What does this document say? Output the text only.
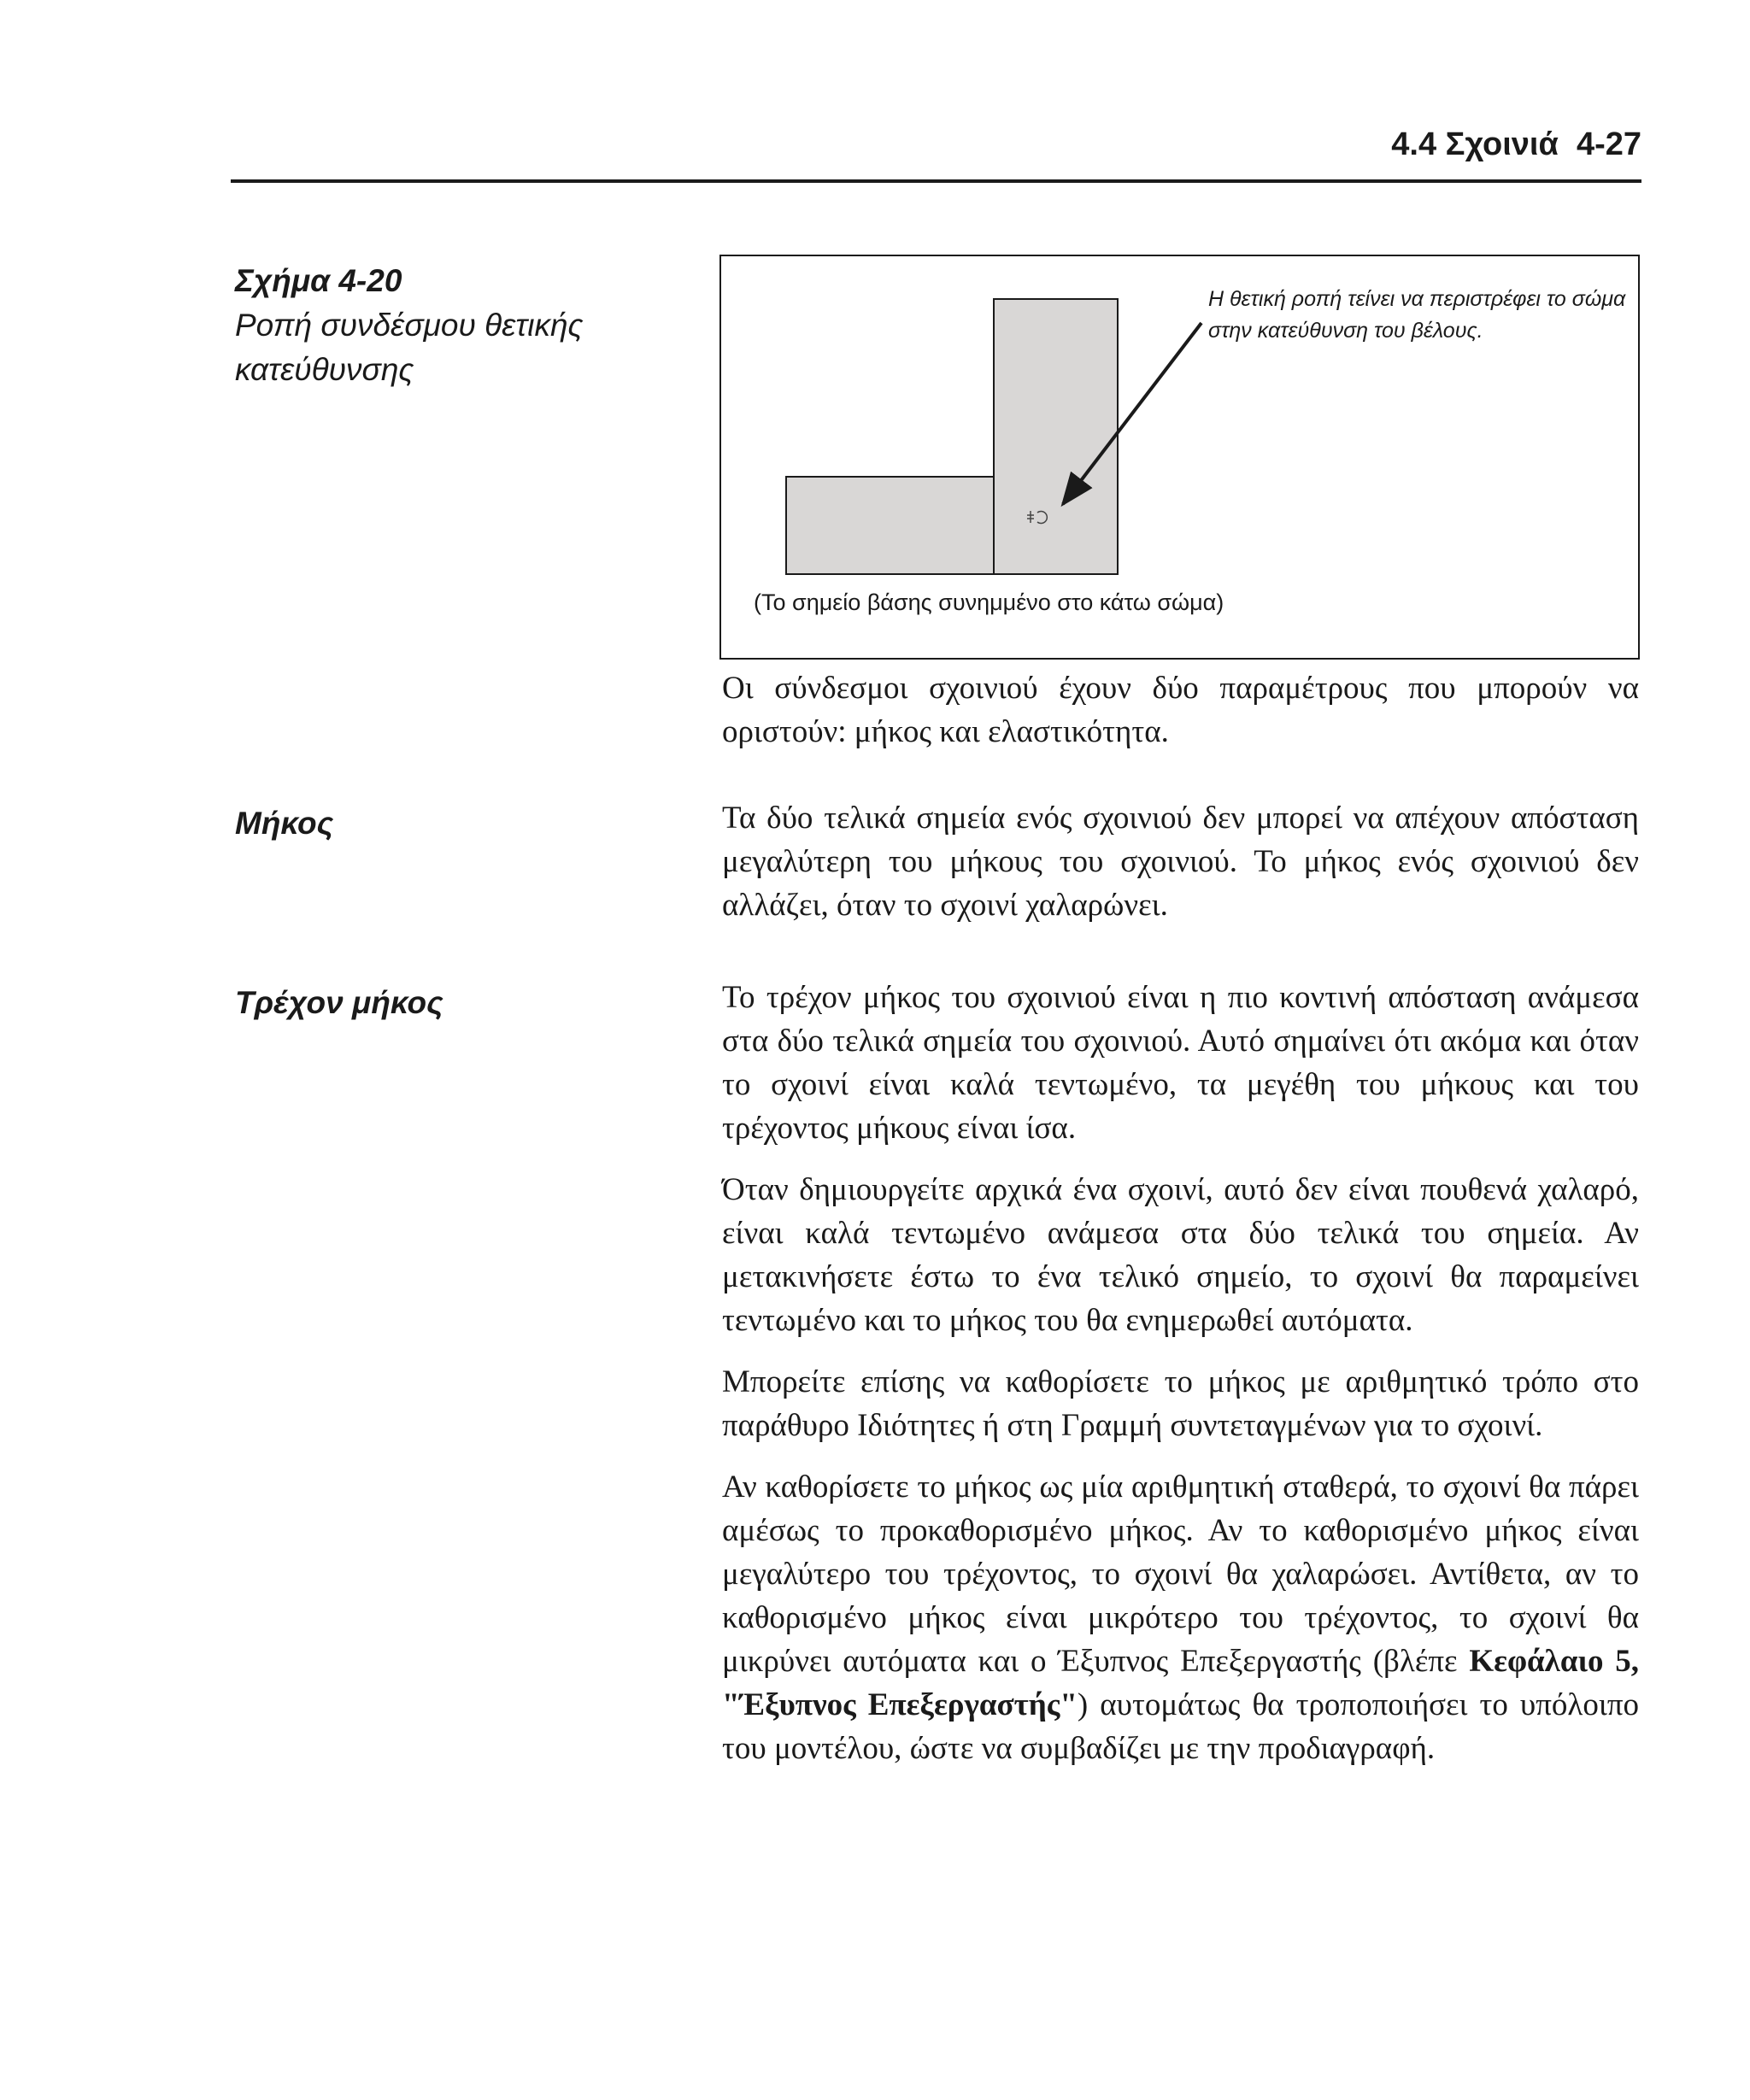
4.4 Σχοινιά 4-27
Σχήμα 4-20
Ροπή συνδέσμου θετικής κατεύθυνσης
Η θετική ροπή τείνει να περιστρέφει το σώμα στην κατεύθυνση του βέλους.
(Το σημείο βάσης συνημμένο στο κάτω σώμα)

Οι σύνδεσμοι σχοινιού έχουν δύο παραμέτρους που μπορούν να οριστούν: μήκος και ελαστικότητα.

Μήκος	Τα δύο τελικά σημεία ενός σχοινιού δεν μπορεί να απέχουν απόσταση μεγαλύτερη του μήκους του σχοινιού. Το μήκος ενός σχοινιού δεν αλλάζει, όταν το σχοινί χαλαρώνει.

Τρέχον μήκος	Το τρέχον μήκος του σχοινιού είναι η πιο κοντινή απόσταση ανάμεσα στα δύο τελικά σημεία του σχοινιού. Αυτό σημαίνει ότι ακόμα και όταν το σχοινί είναι καλά τεντωμένο, τα μεγέθη του μήκους και του τρέχοντος μήκους είναι ίσα.

Όταν δημιουργείτε αρχικά ένα σχοινί, αυτό δεν είναι πουθενά χαλαρό, είναι καλά τεντωμένο ανάμεσα στα δύο τελικά του σημεία. Αν μετακινήσετε έστω το ένα τελικό σημείο, το σχοινί θα παραμείνει τεντωμένο και το μήκος του θα ενημερωθεί αυτόματα.

Μπορείτε επίσης να καθορίσετε το μήκος με αριθμητικό τρόπο στο παράθυρο Ιδιότητες ή στη Γραμμή συντεταγμένων για το σχοινί.

Αν καθορίσετε το μήκος ως μία αριθμητική σταθερά, το σχοινί θα πάρει αμέσως το προκαθορισμένο μήκος. Αν το καθορισμένο μήκος είναι μεγαλύτερο του τρέχοντος, το σχοινί θα χαλαρώσει. Αντίθετα, αν το καθορισμένο μήκος είναι μικρότερο του τρέχοντος, το σχοινί θα μικρύνει αυτόματα και ο Έξυπνος Επεξεργαστής (βλέπε Κεφάλαιο 5, "Έξυπνος Επεξεργαστής") αυτομάτως θα τροποποιήσει το υπόλοιπο του μοντέλου, ώστε να συμβαδίζει με την προδιαγραφή.
